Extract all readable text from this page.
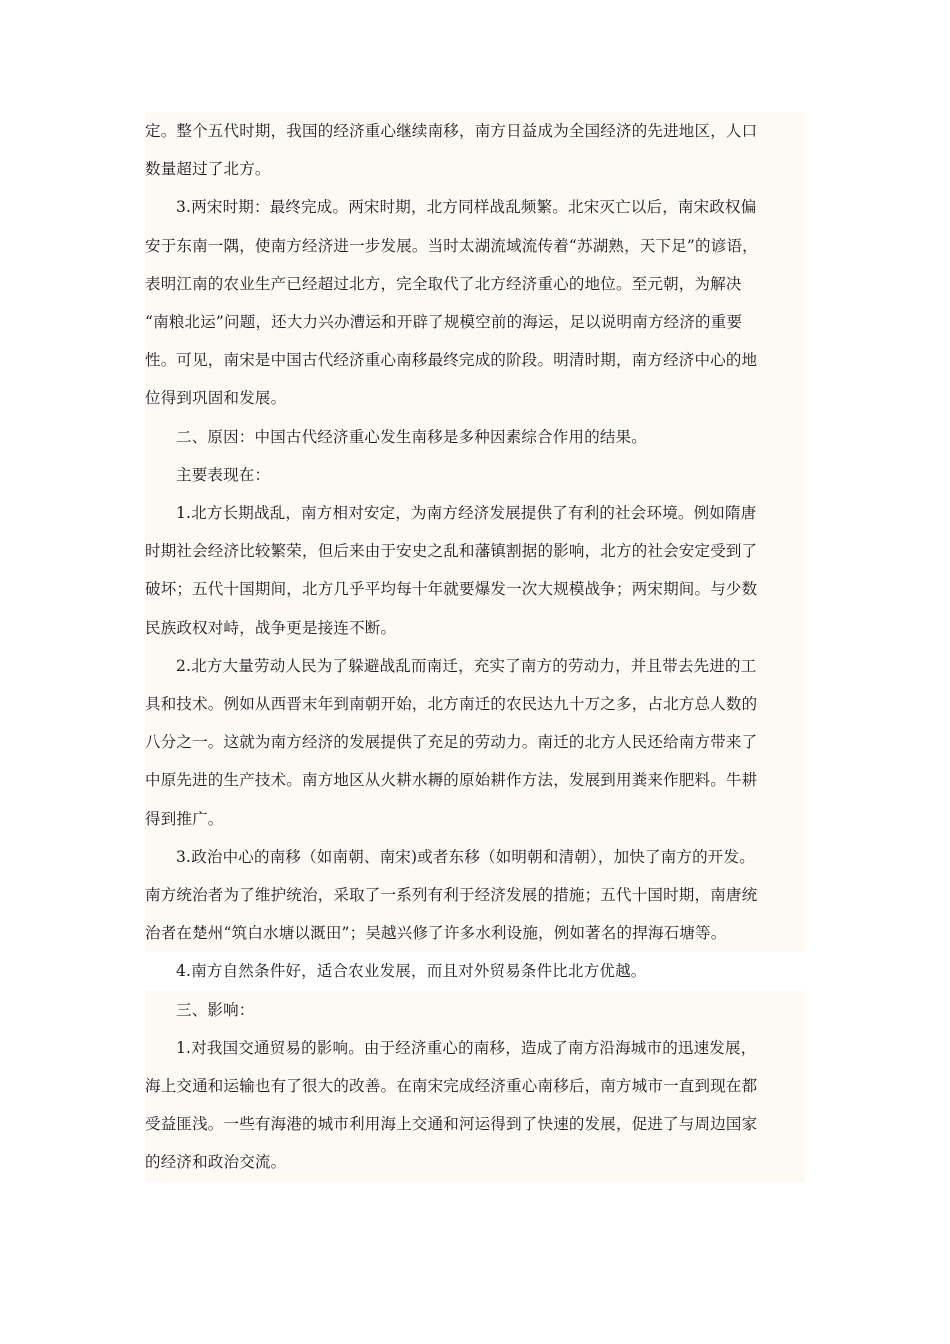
定。整个五代时期，我国的经济重心继续南移，南方日益成为全国经济的先进地区，人口
数量超过了北方。

3.两宋时期：最终完成。两宋时期，北方同样战乱频繁。北宋灭亡以后，南宋政权偏
安于东南一隅，使南方经济进一步发展。当时太湖流域流传着“苏湖熟，天下足”的谚语，
表明江南的农业生产已经超过北方，完全取代了北方经济重心的地位。至元朝，为解决
“南粮北运”问题，还大力兴办漕运和开辟了规模空前的海运，足以说明南方经济的重要
性。可见，南宋是中国古代经济重心南移最终完成的阶段。明清时期，南方经济中心的地
位得到巩固和发展。

二、原因：中国古代经济重心发生南移是多种因素综合作用的结果。

主要表现在：

1.北方长期战乱，南方相对安定，为南方经济发展提供了有利的社会环境。例如隋唐
时期社会经济比较繁荣，但后来由于安史之乱和藩镇割据的影响，北方的社会安定受到了
破坏；五代十国期间，北方几乎平均每十年就要爆发一次大规模战争；两宋期间。与少数
民族政权对峙，战争更是接连不断。

2.北方大量劳动人民为了躲避战乱而南迁，充实了南方的劳动力，并且带去先进的工
具和技术。例如从西晋末年到南朝开始，北方南迁的农民达九十万之多，占北方总人数的
八分之一。这就为南方经济的发展提供了充足的劳动力。南迁的北方人民还给南方带来了
中原先进的生产技术。南方地区从火耕水耨的原始耕作方法，发展到用粪来作肥料。牛耕
得到推广。

3.政治中心的南移（如南朝、南宋)或者东移（如明朝和清朝），加快了南方的开发。
南方统治者为了维护统治，采取了一系列有利于经济发展的措施；五代十国时期，南唐统
治者在楚州“筑白水塘以溉田”；吴越兴修了许多水利设施，例如著名的捍海石塘等。

4.南方自然条件好，适合农业发展，而且对外贸易条件比北方优越。

三、影响：

1.对我国交通贸易的影响。由于经济重心的南移，造成了南方沿海城市的迅速发展，
海上交通和运输也有了很大的改善。在南宋完成经济重心南移后，南方城市一直到现在都
受益匪浅。一些有海港的城市利用海上交通和河运得到了快速的发展，促进了与周边国家
的经济和政治交流。
